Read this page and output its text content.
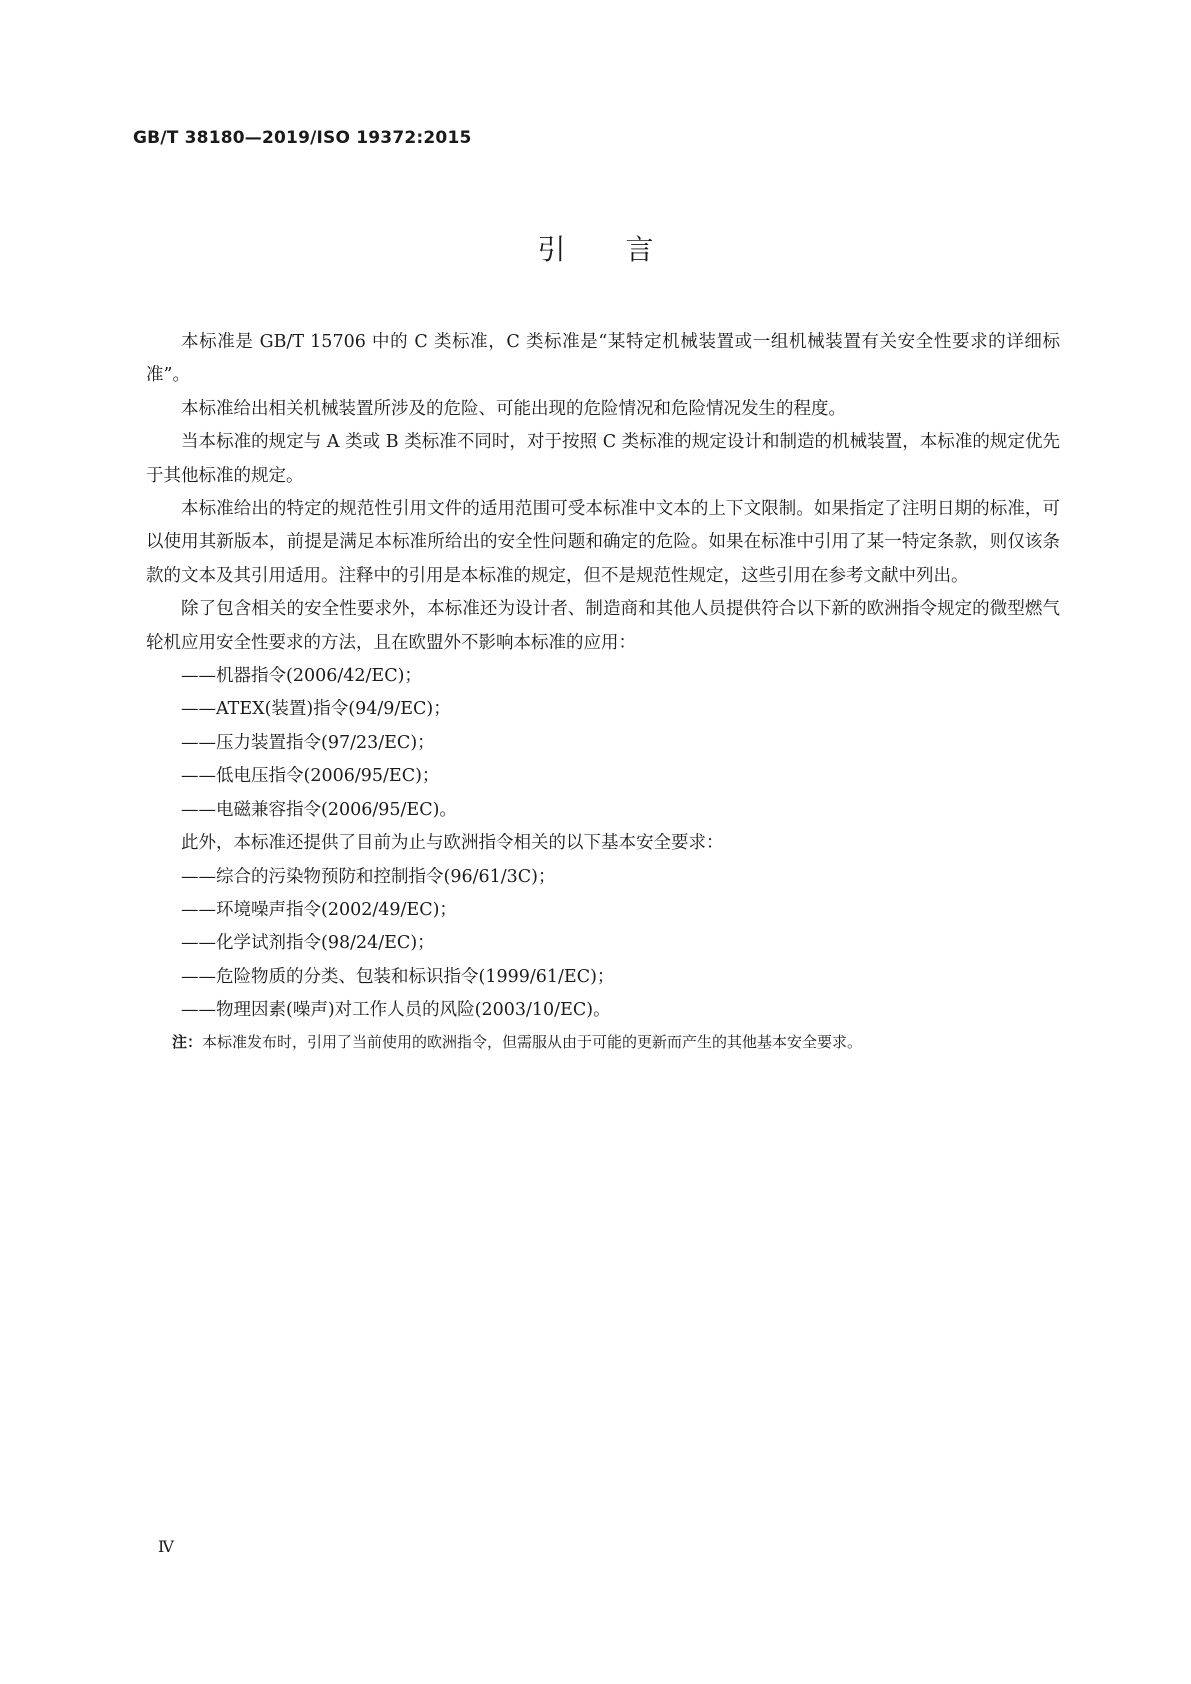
GB/T 38180—2019/ISO 19372:2015
引言

本标准是 GB/T 15706 中的 C 类标准，C 类标准是“某特定机械装置或一组机械装置有关安全性要求的详细标准”。

本标准给出相关机械装置所涉及的危险、可能出现的危险情况和危险情况发生的程度。

当本标准的规定与 A 类或 B 类标准不同时，对于按照 C 类标准的规定设计和制造的机械装置，本标准的规定优先于其他标准的规定。

本标准给出的特定的规范性引用文件的适用范围可受本标准中文本的上下文限制。如果指定了注明日期的标准，可以使用其新版本，前提是满足本标准所给出的安全性问题和确定的危险。如果在标准中引用了某一特定条款，则仅该条款的文本及其引用适用。注释中的引用是本标准的规定，但不是规范性规定，这些引用在参考文献中列出。

除了包含相关的安全性要求外，本标准还为设计者、制造商和其他人员提供符合以下新的欧洲指令规定的微型燃气轮机应用安全性要求的方法，且在欧盟外不影响本标准的应用：

——机器指令(2006/42/EC)；
——ATEX(装置)指令(94/9/EC)；
——压力装置指令(97/23/EC)；
——低电压指令(2006/95/EC)；
——电磁兼容指令(2006/95/EC)。

此外，本标准还提供了目前为止与欧洲指令相关的以下基本安全要求：

——综合的污染物预防和控制指令(96/61/3C)；
——环境噪声指令(2002/49/EC)；
——化学试剂指令(98/24/EC)；
——危险物质的分类、包装和标识指令(1999/61/EC)；
——物理因素(噪声)对工作人员的风险(2003/10/EC)。
注：本标准发布时，引用了当前使用的欧洲指令，但需服从由于可能的更新而产生的其他基本安全要求。
Ⅳ
